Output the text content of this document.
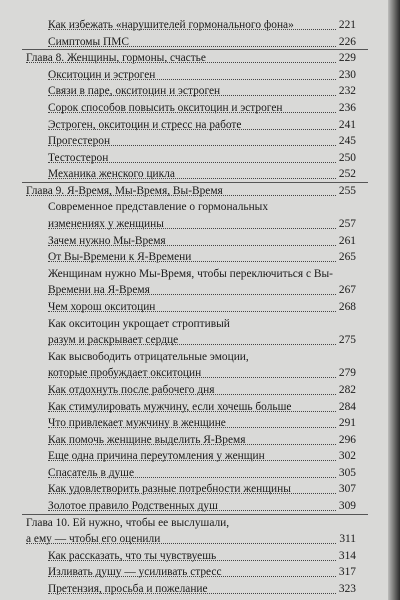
Как избежать «нарушителей гормонального фона»	221
Симптомы ПМС	226
Глава 8. Женщины, гормоны, счастье	229
Окситоцин и эстроген	230
Связи в паре, окситоцин и эстроген	232
Сорок способов повысить окситоцин и эстроген	236
Эстроген, окситоцин и стресс на работе	241
Прогестерон	245
Тестостерон	250
Механика женского цикла	252
Глава 9. Я-Время, Мы-Время, Вы-Время	255
Современное представление о гормональных
изменениях у женщины	257
Зачем нужно Мы-Время	261
От Вы-Времени к Я-Времени	265
Женщинам нужно Мы-Время, чтобы переключиться с Вы-
Времени на Я-Время	267
Чем хорош окситоцин	268
Как окситоцин укрощает строптивый
разум и раскрывает сердце	275
Как высвободить отрицательные эмоции,
которые пробуждает окситоцин	279
Как отдохнуть после рабочего дня	282
Как стимулировать мужчину, если хочешь больше	284
Что привлекает мужчину в женщине	291
Как помочь женщине выделить Я-Время	296
Еще одна причина переутомления у женщин	302
Спасатель в душе	305
Как удовлетворить разные потребности женщины	307
Золотое правило Родственных душ	309
Глава 10. Ей нужно, чтобы ее выслушали,
а ему — чтобы его оценили	311
Как рассказать, что ты чувствуешь	314
Изливать душу — усиливать стресс	317
Претензия, просьба и пожелание	323
